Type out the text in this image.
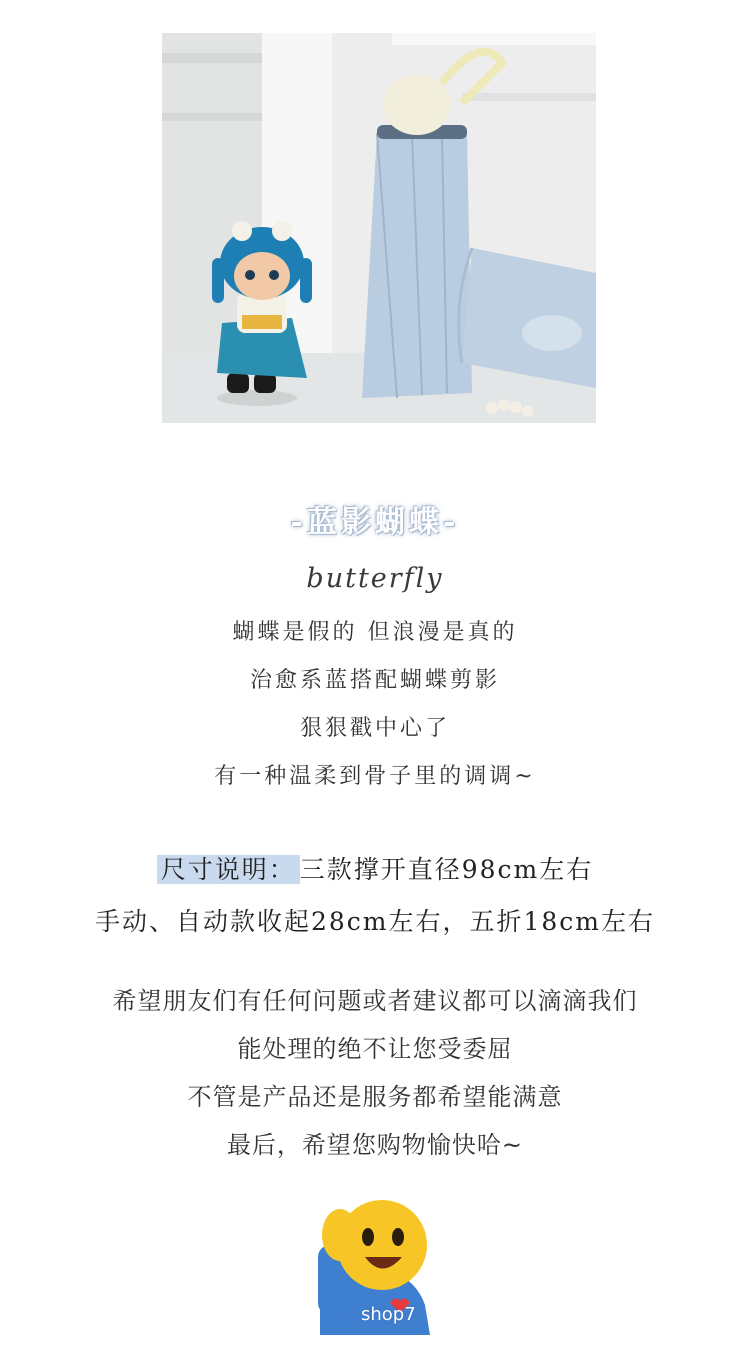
-蓝影蝴蝶-
butterfly
蝴蝶是假的 但浪漫是真的
治愈系蓝搭配蝴蝶剪影
狠狠戳中心了
有一种温柔到骨子里的调调~
尺寸说明： 三款撑开直径98cm左右
手动、自动款收起28cm左右，五折18cm左右
希望朋友们有任何问题或者建议都可以滴滴我们
能处理的绝不让您受委屈
不管是产品还是服务都希望能满意
最后，希望您购物愉快哈~
shop7
